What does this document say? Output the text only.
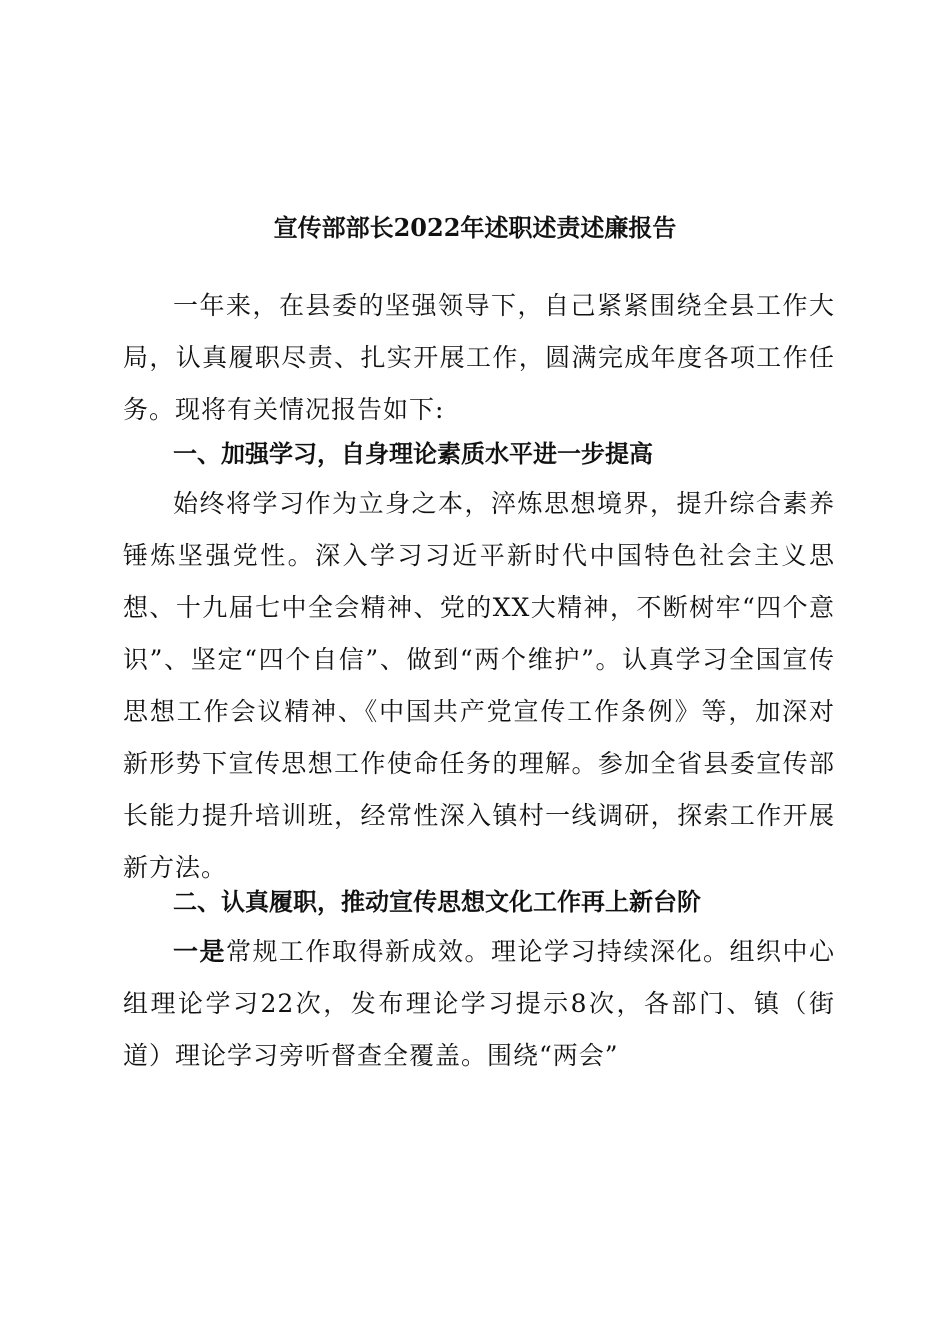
宣传部部长2022年述职述责述廉报告

一年来，在县委的坚强领导下，自己紧紧围绕全县工作大局，认真履职尽责、扎实开展工作，圆满完成年度各项工作任务。现将有关情况报告如下:

一、加强学习，自身理论素质水平进一步提高

始终将学习作为立身之本，淬炼思想境界，提升综合素养锤炼坚强党性。深入学习习近平新时代中国特色社会主义思想、十九届七中全会精神、党的XX大精神，不断树牢“四个意识”、坚定“四个自信”、做到“两个维护”。认真学习全国宣传思想工作会议精神、《中国共产党宣传工作条例》等，加深对新形势下宣传思想工作使命任务的理解。参加全省县委宣传部长能力提升培训班，经常性深入镇村一线调研，探索工作开展新方法。

二、认真履职，推动宣传思想文化工作再上新台阶

一是常规工作取得新成效。理论学习持续深化。组织中心组理论学习22次，发布理论学习提示8次，各部门、镇（街道）理论学习旁听督查全覆盖。围绕“两会”
